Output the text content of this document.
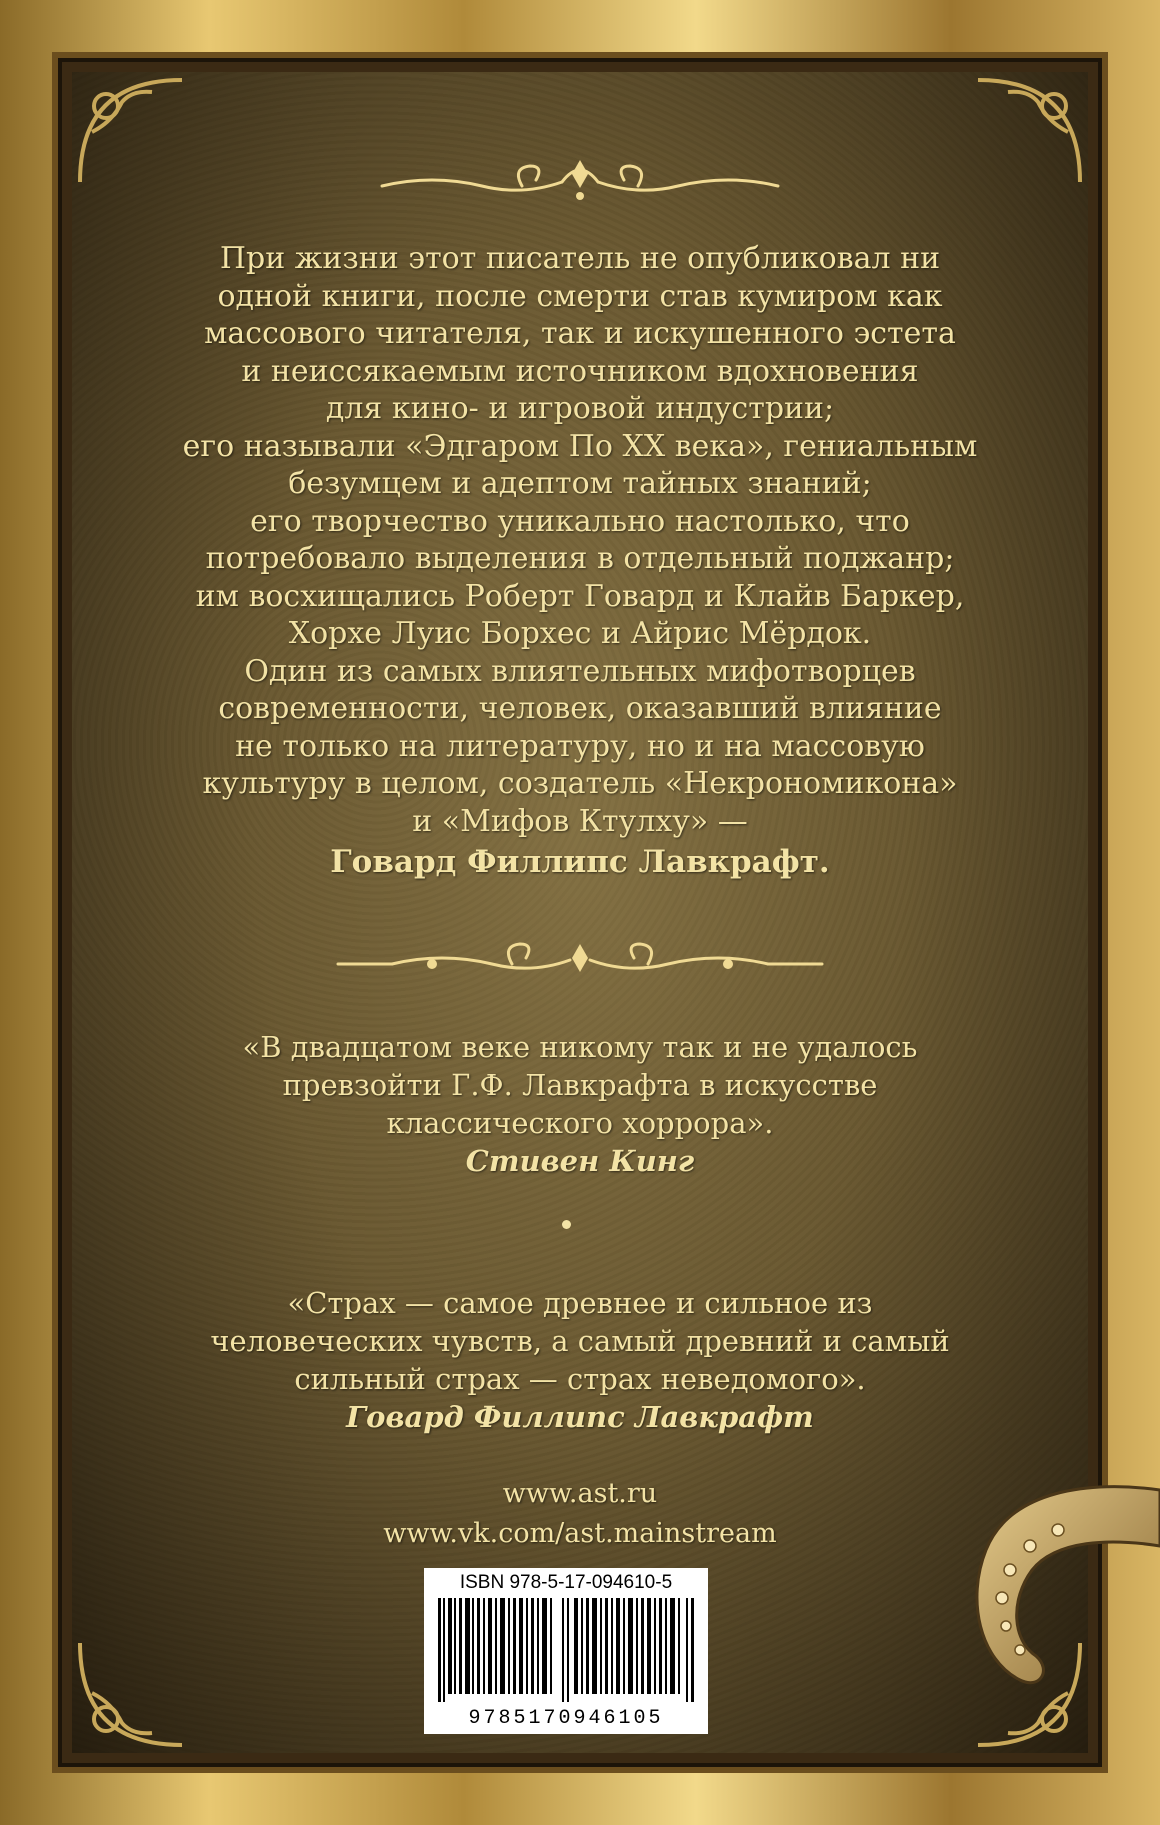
При жизни этот писатель не опубликовал ни
одной книги, после смерти став кумиром как
массового читателя, так и искушенного эстета
и неиссякаемым источником вдохновения
для кино- и игровой индустрии;
его называли «Эдгаром По XX века», гениальным
безумцем и адептом тайных знаний;
его творчество уникально настолько, что
потребовало выделения в отдельный поджанр;
им восхищались Роберт Говард и Клайв Баркер,
Хорхе Луис Борхес и Айрис Мёрдок.
Один из самых влиятельных мифотворцев
современности, человек, оказавший влияние
не только на литературу, но и на массовую
культуру в целом, создатель «Некрономикона»
и «Мифов Ктулху» —
Говард Филлипс Лавкрафт.
«В двадцатом веке никому так и не удалось
превзойти Г.Ф. Лавкрафта в искусстве
классического хоррора».
Стивен Кинг
«Страх — самое древнее и сильное из
человеческих чувств, а самый древний и самый
сильный страх — страх неведомого».
Говард Филлипс Лавкрафт
www.ast.ru
www.vk.com/ast.mainstream
ISBN 978-5-17-094610-5
9785170946105
